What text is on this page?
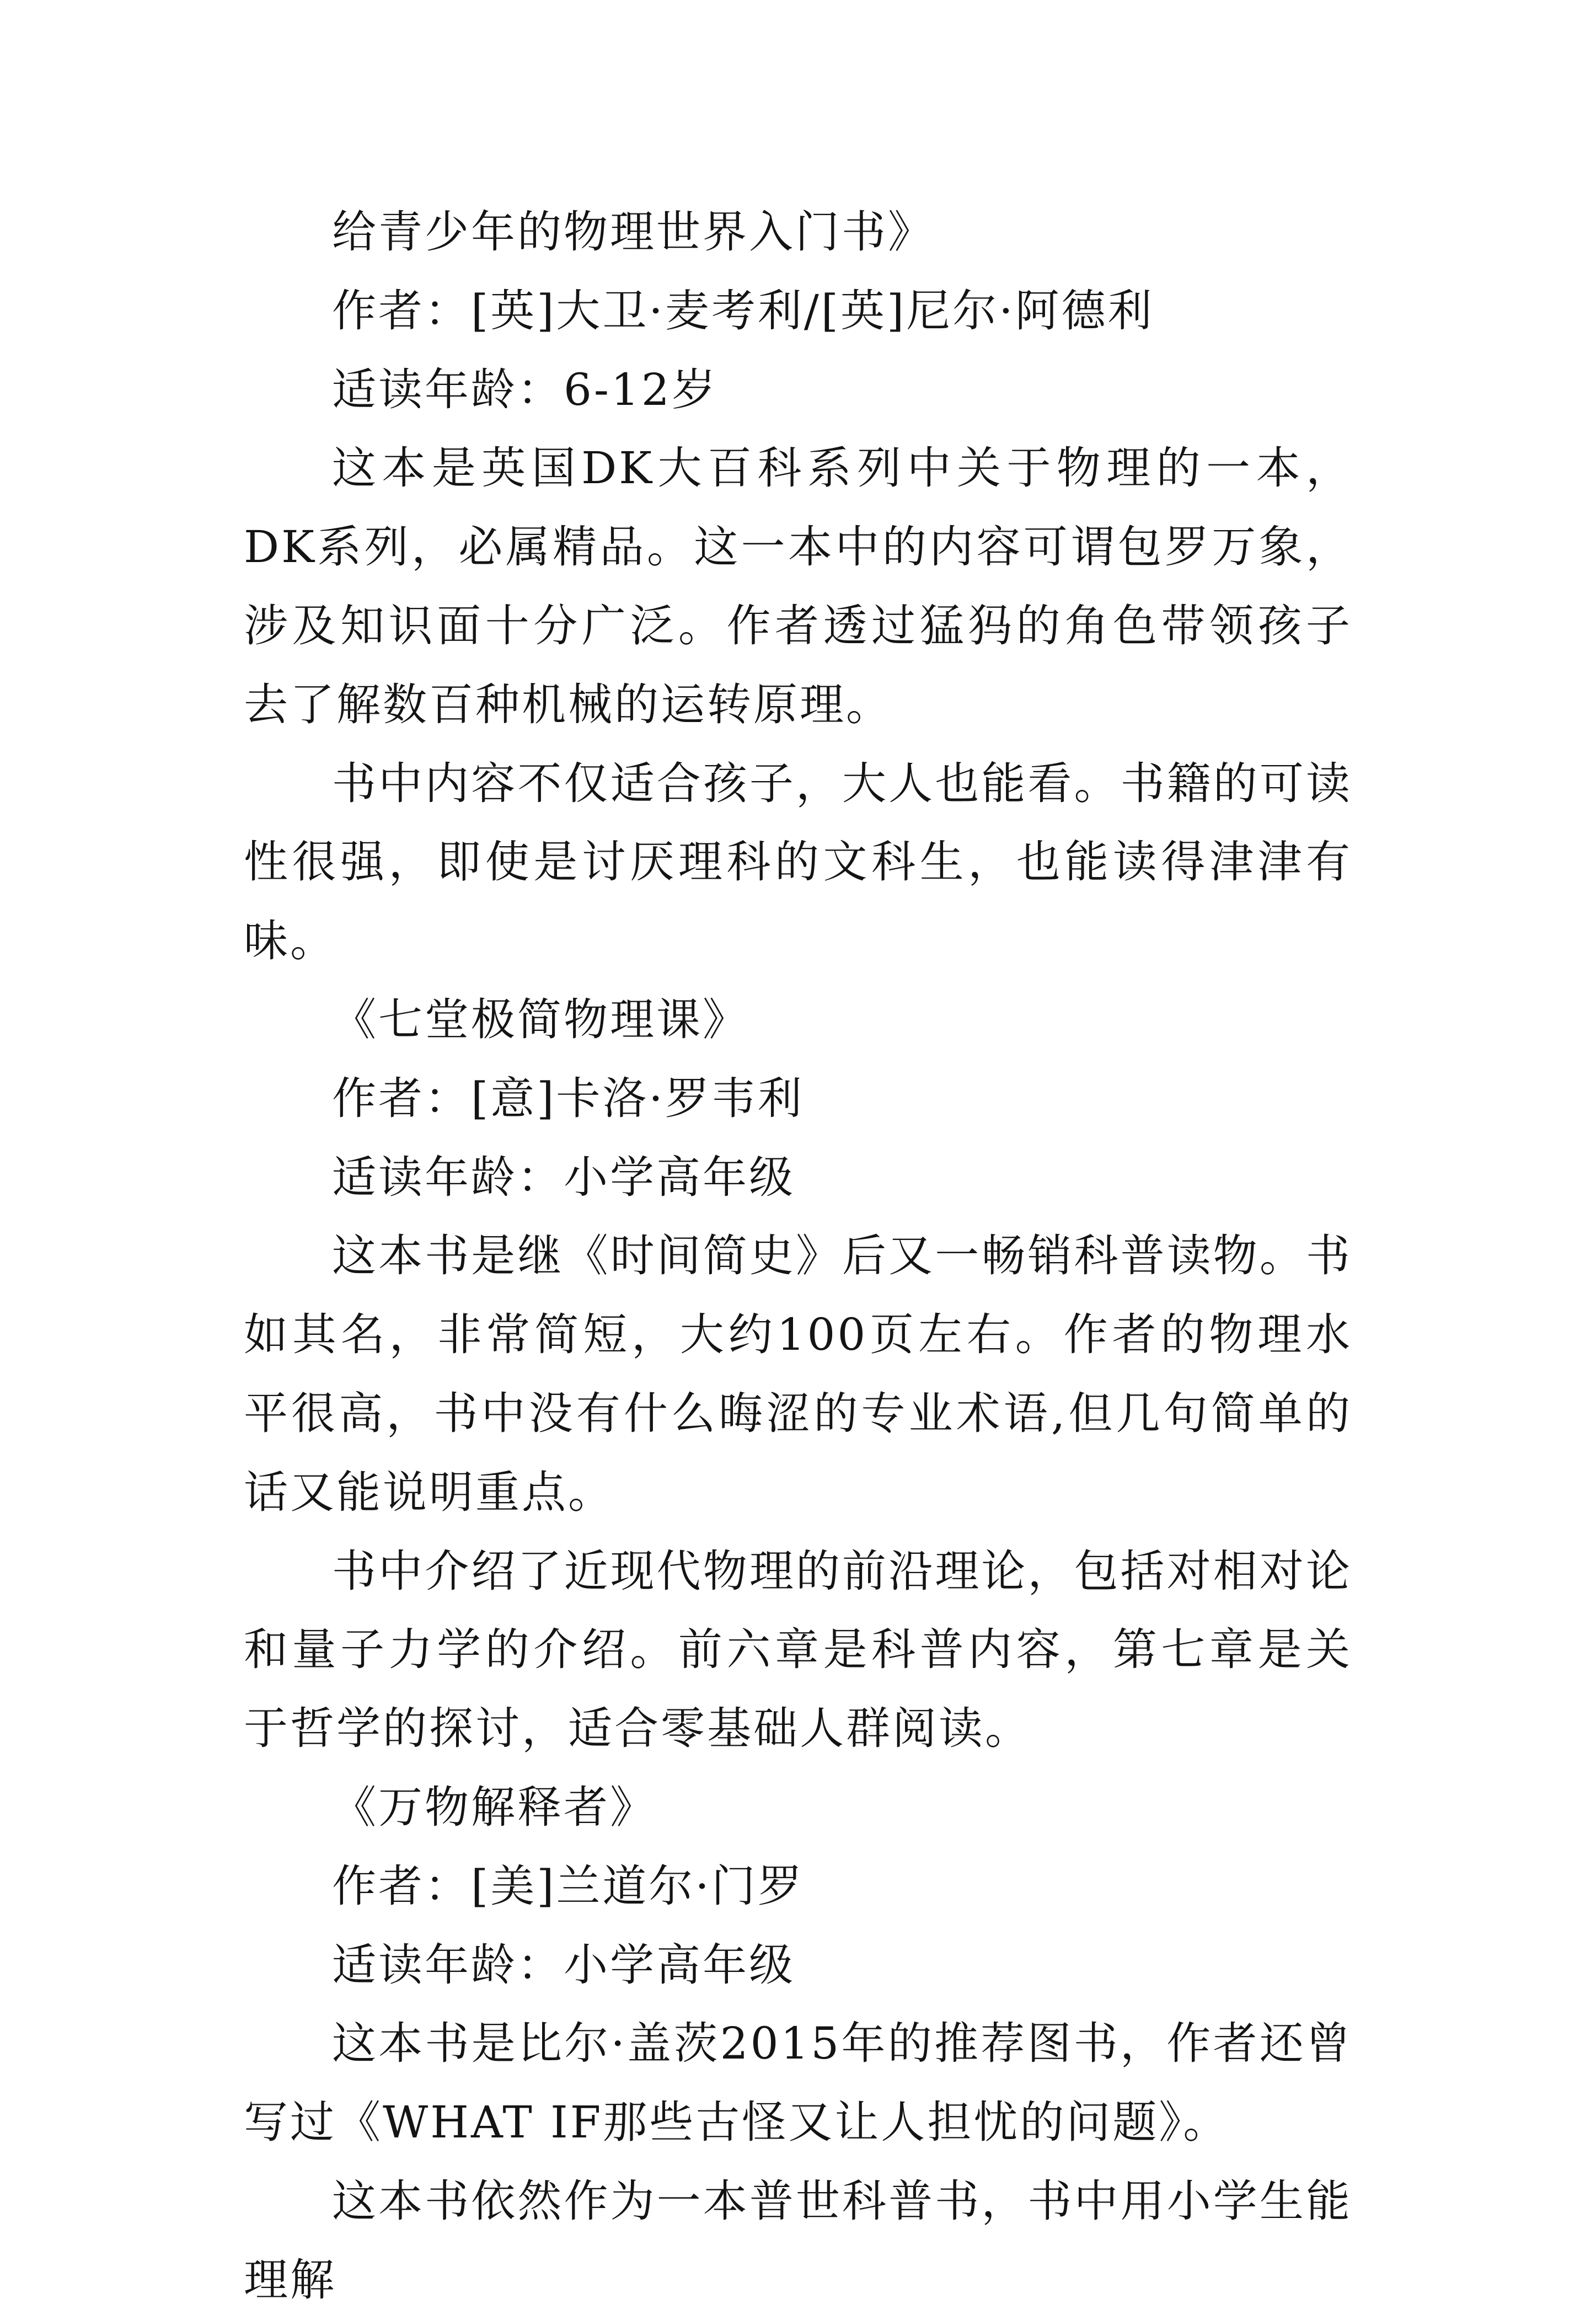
给青少年的物理世界入门书》

作者：[英]大卫·麦考利/[英]尼尔·阿德利

适读年龄：6-12岁

这本是英国DK大百科系列中关于物理的一本，DK系列，必属精品。这一本中的内容可谓包罗万象，涉及知识面十分广泛。作者透过猛犸的角色带领孩子去了解数百种机械的运转原理。

书中内容不仅适合孩子，大人也能看。书籍的可读性很强，即使是讨厌理科的文科生，也能读得津津有味。

《七堂极简物理课》

作者：[意]卡洛·罗韦利

适读年龄：小学高年级

这本书是继《时间简史》后又一畅销科普读物。书如其名，非常简短，大约100页左右。作者的物理水平很高，书中没有什么晦涩的专业术语,但几句简单的话又能说明重点。

书中介绍了近现代物理的前沿理论，包括对相对论和量子力学的介绍。前六章是科普内容，第七章是关于哲学的探讨，适合零基础人群阅读。

《万物解释者》

作者：[美]兰道尔·门罗

适读年龄：小学高年级

这本书是比尔·盖茨2015年的推荐图书，作者还曾写过《WHAT IF那些古怪又让人担忧的问题》。

这本书依然作为一本普世科普书，书中用小学生能理解
